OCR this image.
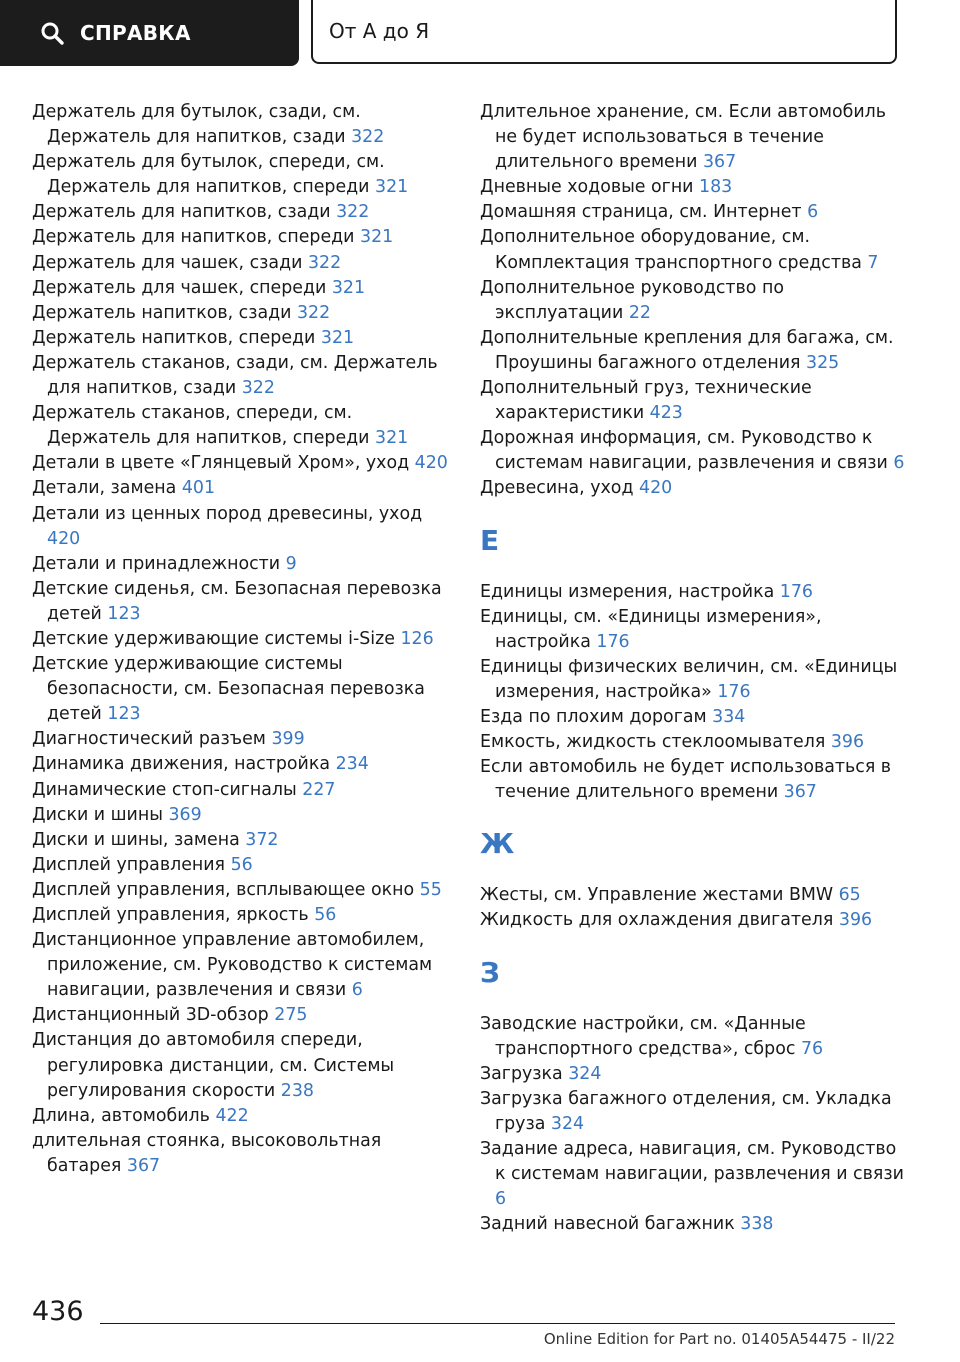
СПРАВКА	От А до Я
Держатель для бутылок, сзади, см. Держатель для напитков, сзади 322
Держатель для бутылок, спереди, см. Держатель для напитков, спереди 321
Держатель для напитков, сзади 322
Держатель для напитков, спереди 321
Держатель для чашек, сзади 322
Держатель для чашек, спереди 321
Держатель напитков, сзади 322
Держатель напитков, спереди 321
Держатель стаканов, сзади, см. Держатель для напитков, сзади 322
Держатель стаканов, спереди, см. Держатель для напитков, спереди 321
Детали в цвете «Глянцевый Хром», уход 420
Детали, замена 401
Детали из ценных пород древесины, уход 420
Детали и принадлежности 9
Детские сиденья, см. Безопасная перевозка детей 123
Детские удерживающие системы i-Size 126
Детские удерживающие системы безопасности, см. Безопасная перевозка детей 123
Диагностический разъем 399
Динамика движения, настройка 234
Динамические стоп-сигналы 227
Диски и шины 369
Диски и шины, замена 372
Дисплей управления 56
Дисплей управления, всплывающее окно 55
Дисплей управления, яркость 56
Дистанционное управление автомобилем, приложение, см. Руководство к системам навигации, развлечения и связи 6
Дистанционный 3D-обзор 275
Дистанция до автомобиля спереди, регулировка дистанции, см. Системы регулирования скорости 238
Длина, автомобиль 422
длительная стоянка, высоковольтная батарея 367
Длительное хранение, см. Если автомобиль не будет использоваться в течение длительного времени 367
Дневные ходовые огни 183
Домашняя страница, см. Интернет 6
Дополнительное оборудование, см. Комплектация транспортного средства 7
Дополнительное руководство по эксплуатации 22
Дополнительные крепления для багажа, см. Проушины багажного отделения 325
Дополнительный груз, технические характеристики 423
Дорожная информация, см. Руководство к системам навигации, развлечения и связи 6
Древесина, уход 420
Е
Единицы измерения, настройка 176
Единицы, см. «Единицы измерения», настройка 176
Единицы физических величин, см. «Единицы измерения, настройка» 176
Езда по плохим дорогам 334
Емкость, жидкость стеклоомывателя 396
Если автомобиль не будет использоваться в течение длительного времени 367
Ж
Жесты, см. Управление жестами BMW 65
Жидкость для охлаждения двигателя 396
З
Заводские настройки, см. «Данные транспортного средства», сброс 76
Загрузка 324
Загрузка багажного отделения, см. Укладка груза 324
Задание адреса, навигация, см. Руководство к системам навигации, развлечения и связи 6
Задний навесной багажник 338
436
Online Edition for Part no. 01405A54475 - II/22
